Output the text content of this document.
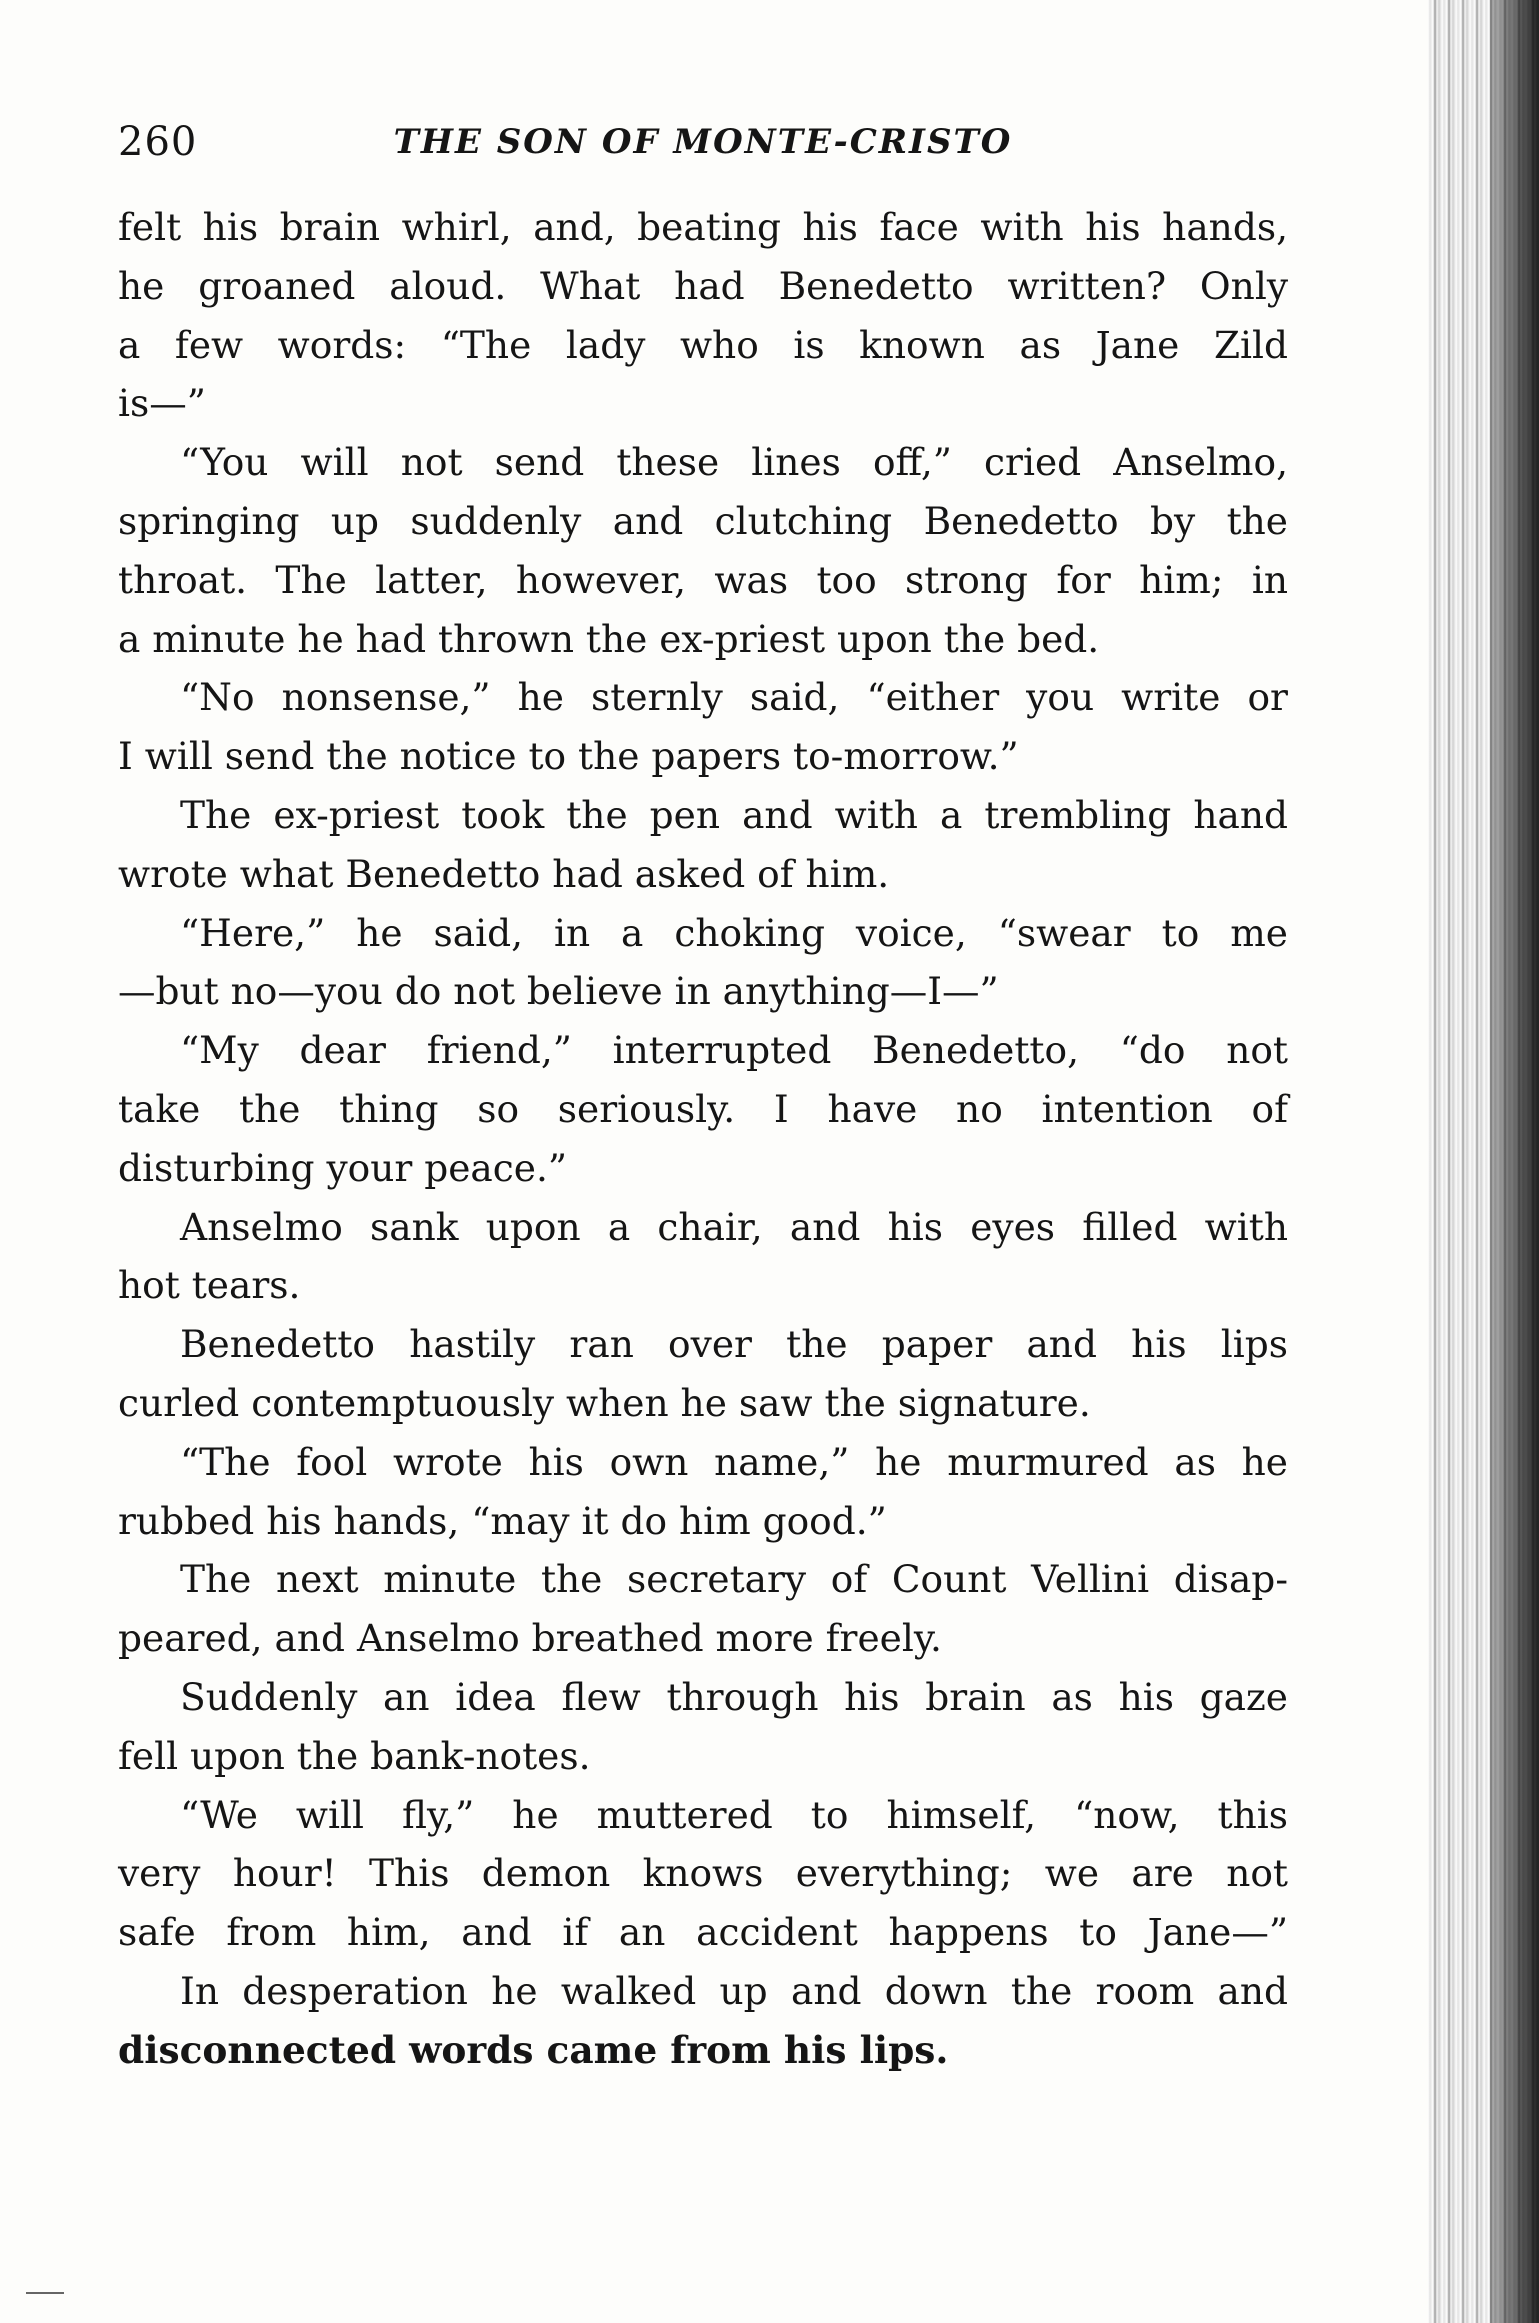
260	THE SON OF MONTE-CRISTO

felt his brain whirl, and, beating his face with his hands,
he groaned aloud. What had Benedetto written? Only
a few words: “The lady who is known as Jane Zild
is—”

“You will not send these lines off,” cried Anselmo,
springing up suddenly and clutching Benedetto by the
throat. The latter, however, was too strong for him; in
a minute he had thrown the ex-priest upon the bed.

“No nonsense,” he sternly said, “either you write or
I will send the notice to the papers to-morrow.”

The ex-priest took the pen and with a trembling hand
wrote what Benedetto had asked of him.

“Here,” he said, in a choking voice, “swear to me
—but no—you do not believe in anything—I—”

“My dear friend,” interrupted Benedetto, “do not
take the thing so seriously. I have no intention of
disturbing your peace.”

Anselmo sank upon a chair, and his eyes filled with
hot tears.

Benedetto hastily ran over the paper and his lips
curled contemptuously when he saw the signature.

“The fool wrote his own name,” he murmured as he
rubbed his hands, “may it do him good.”

The next minute the secretary of Count Vellini disap-
peared, and Anselmo breathed more freely.

Suddenly an idea flew through his brain as his gaze
fell upon the bank-notes.

“We will fly,” he muttered to himself, “now, this
very hour! This demon knows everything; we are not
safe from him, and if an accident happens to Jane—”

In desperation he walked up and down the room and
disconnected words came from his lips.
